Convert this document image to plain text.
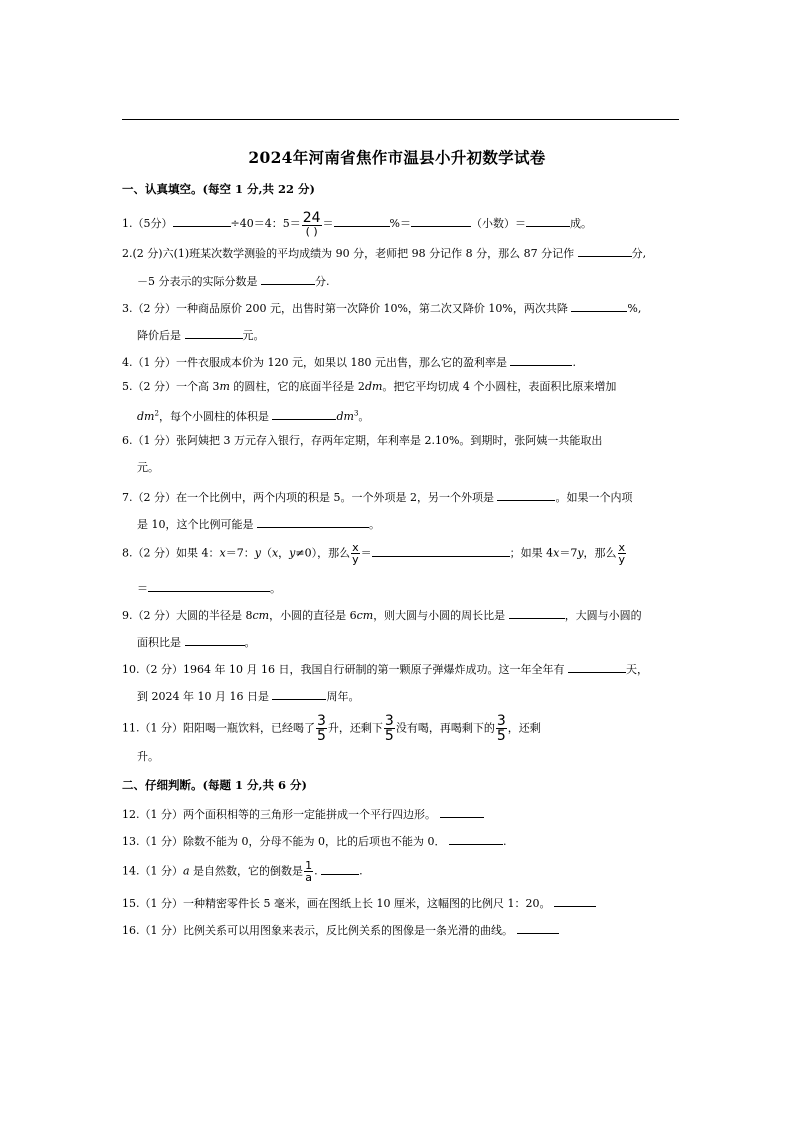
2024年河南省焦作市温县小升初数学试卷
一、认真填空。(每空 1 分,共 22 分)
1.（5分）	÷40＝4：$5= \frac{24}{( )}$ ＝	%＝	（小数）＝	成。
2.(2 分)六(1)班某次数学测验的平均成绩为 90 分，老师把 98 分记作 8 分，那么 87 分记作	分,
－5 分表示的实际分数是	分.
3.（2 分）一种商品原价 200 元，出售时第一次降价 10%，第二次又降价 10%，两次共降	%,
降价后是	元。
4.（1 分）一件衣服成本价为 120 元，如果以 180 元出售，那么它的盈利率是	.
5.（2 分）一个高 3m 的圆柱，它的底面半径是 2dm。把它平均切成 4 个小圆柱，表面积比原来增加
$dm^2$，每个小圆柱的体积是	$dm^3$。
6.（1 分）张阿姨把 3 万元存入银行，存两年定期，年利率是 2.10%。到期时，张阿姨一共能取出
元。
7.（2 分）在一个比例中，两个内项的积是 5。一个外项是 2，另一个外项是	。如果一个内项
是 10，这个比例可能是	。
8.（2 分）如果 4：x＝7：y（x，y≠0），那么 $\frac{x}{y}$ ＝	；如果 4x＝7y，那么 $\frac{x}{y}$
＝	。
9.（2 分）大圆的半径是 8cm，小圆的直径是 6cm，则大圆与小圆的周长比是	，大圆与小圆的
面积比是	。
10.（2 分）1964 年 10 月 16 日，我国自行研制的第一颗原子弹爆炸成功。这一年全年有	天，
到 2024 年 10 月 16 日是	周年。
11.（1 分）阳阳喝一瓶饮料，已经喝了 $\frac{3}{5}$ 升，还剩下 $\frac{3}{5}$ 没有喝，再喝剩下的 $\frac{3}{5}$ ，还剩
升。
二、仔细判断。(每题 1 分,共 6 分)
12.（1 分）两个面积相等的三角形一定能拼成一个平行四边形。
13.（1 分）除数不能为 0，分母不能为 0，比的后项也不能为 0．	.
14.（1 分）a 是自然数，它的倒数是 $\frac{1}{a}$ .	.
15.（1 分）一种精密零件长 5 毫米，画在图纸上长 10 厘米，这幅图的比例尺 1：20。
16.（1 分）比例关系可以用图象来表示，反比例关系的图像是一条光滑的曲线。
